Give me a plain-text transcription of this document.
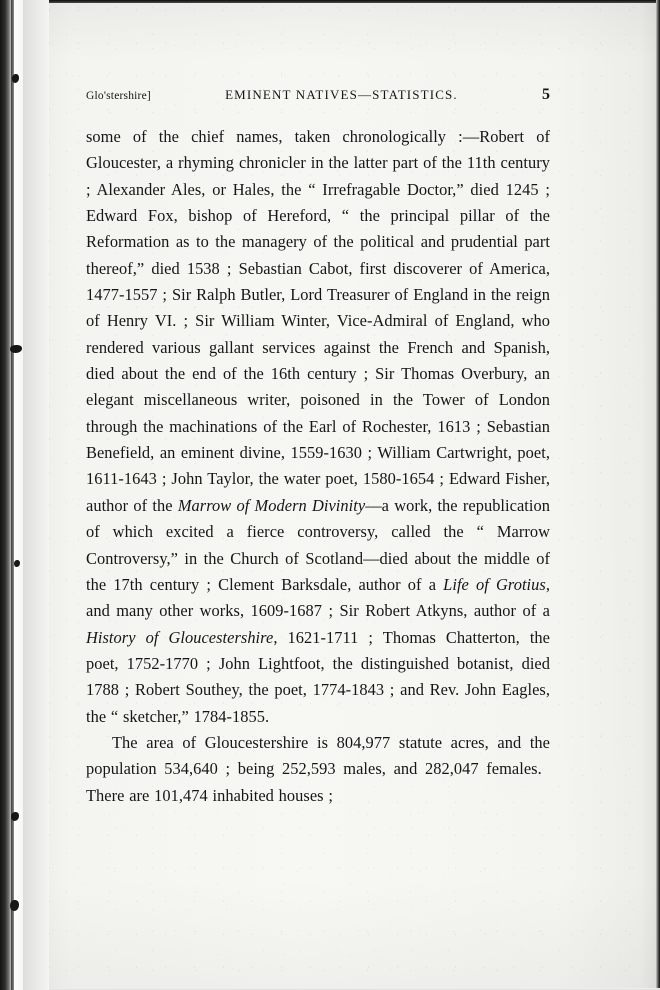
Glo'stershire]	EMINENT NATIVES—STATISTICS.	5

some of the chief names, taken chronologically :—Robert of Gloucester, a rhyming chronicler in the latter part of the 11th century ; Alexander Ales, or Hales, the “ Irrefragable Doctor,” died 1245 ; Edward Fox, bishop of Hereford, “ the principal pillar of the Reformation as to the managery of the political and prudential part thereof,” died 1538 ; Sebastian Cabot, first discoverer of America, 1477-1557 ; Sir Ralph Butler, Lord Treasurer of England in the reign of Henry VI. ; Sir William Winter, Vice-Admiral of England, who rendered various gallant services against the French and Spanish, died about the end of the 16th century ; Sir Thomas Overbury, an elegant miscellaneous writer, poisoned in the Tower of London through the machinations of the Earl of Rochester, 1613 ; Sebastian Benefield, an eminent divine, 1559-1630 ; William Cartwright, poet, 1611-1643 ; John Taylor, the water poet, 1580-1654 ; Edward Fisher, author of the Marrow of Modern Divinity—a work, the republication of which excited a fierce controversy, called the “ Marrow Controversy,” in the Church of Scotland—died about the middle of the 17th century ; Clement Barksdale, author of a Life of Grotius, and many other works, 1609-1687 ; Sir Robert Atkyns, author of a History of Gloucestershire, 1621-1711 ; Thomas Chatterton, the poet, 1752-1770 ; John Lightfoot, the distinguished botanist, died 1788 ; Robert Southey, the poet, 1774-1843 ; and Rev. John Eagles, the “ sketcher,” 1784-1855.

The area of Gloucestershire is 804,977 statute acres, and the population 534,640 ; being 252,593 males, and 282,047 females.  There are 101,474 inhabited houses ;
